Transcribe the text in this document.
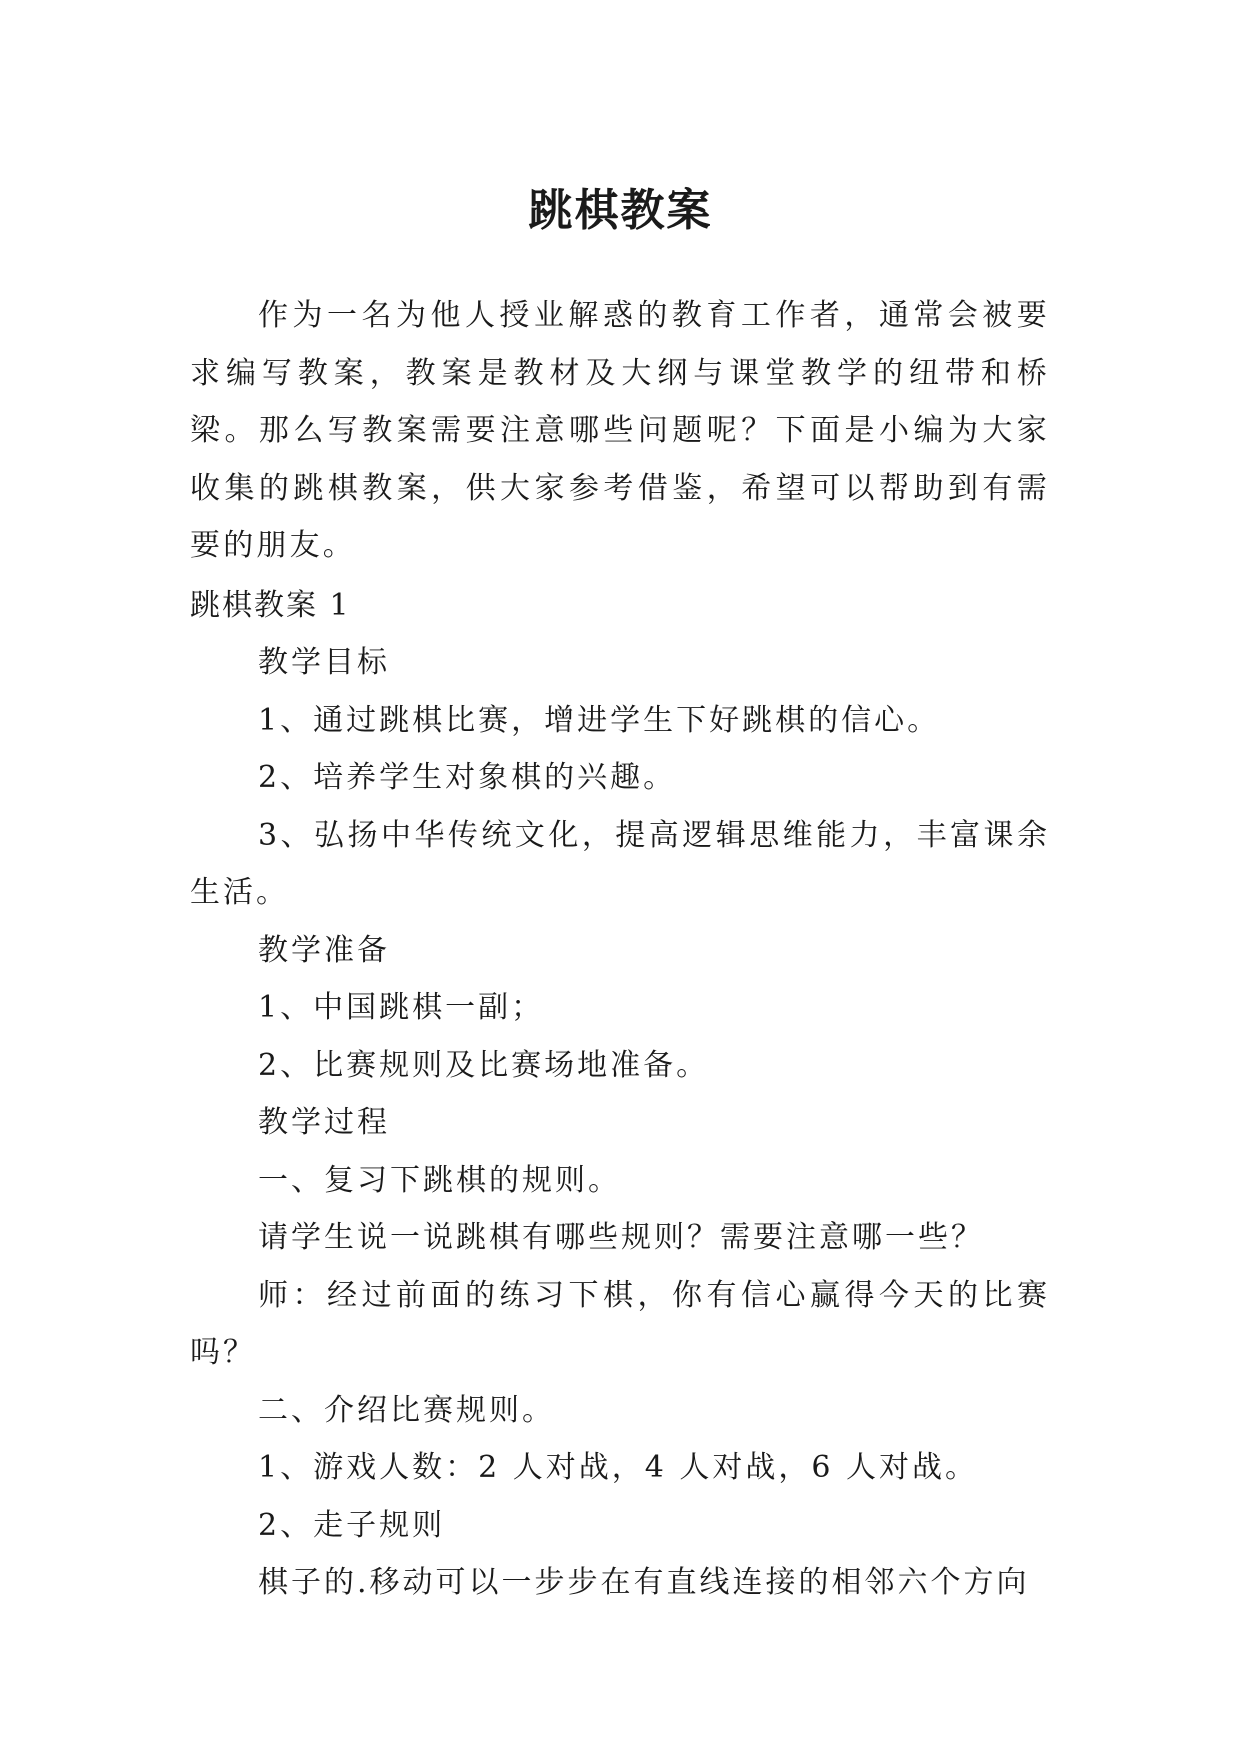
跳棋教案

作为一名为他人授业解惑的教育工作者，通常会被要求编写教案，教案是教材及大纲与课堂教学的纽带和桥梁。那么写教案需要注意哪些问题呢？下面是小编为大家收集的跳棋教案，供大家参考借鉴，希望可以帮助到有需要的朋友。

跳棋教案 1

教学目标

1、通过跳棋比赛，增进学生下好跳棋的信心。

2、培养学生对象棋的兴趣。

3、弘扬中华传统文化，提高逻辑思维能力，丰富课余生活。

教学准备

1、中国跳棋一副；

2、比赛规则及比赛场地准备。

教学过程

一、复习下跳棋的规则。

请学生说一说跳棋有哪些规则？需要注意哪一些？

师：经过前面的练习下棋，你有信心赢得今天的比赛吗？

二、介绍比赛规则。

1、游戏人数：2 人对战，4 人对战，6 人对战。

2、走子规则

棋子的.移动可以一步步在有直线连接的相邻六个方向
